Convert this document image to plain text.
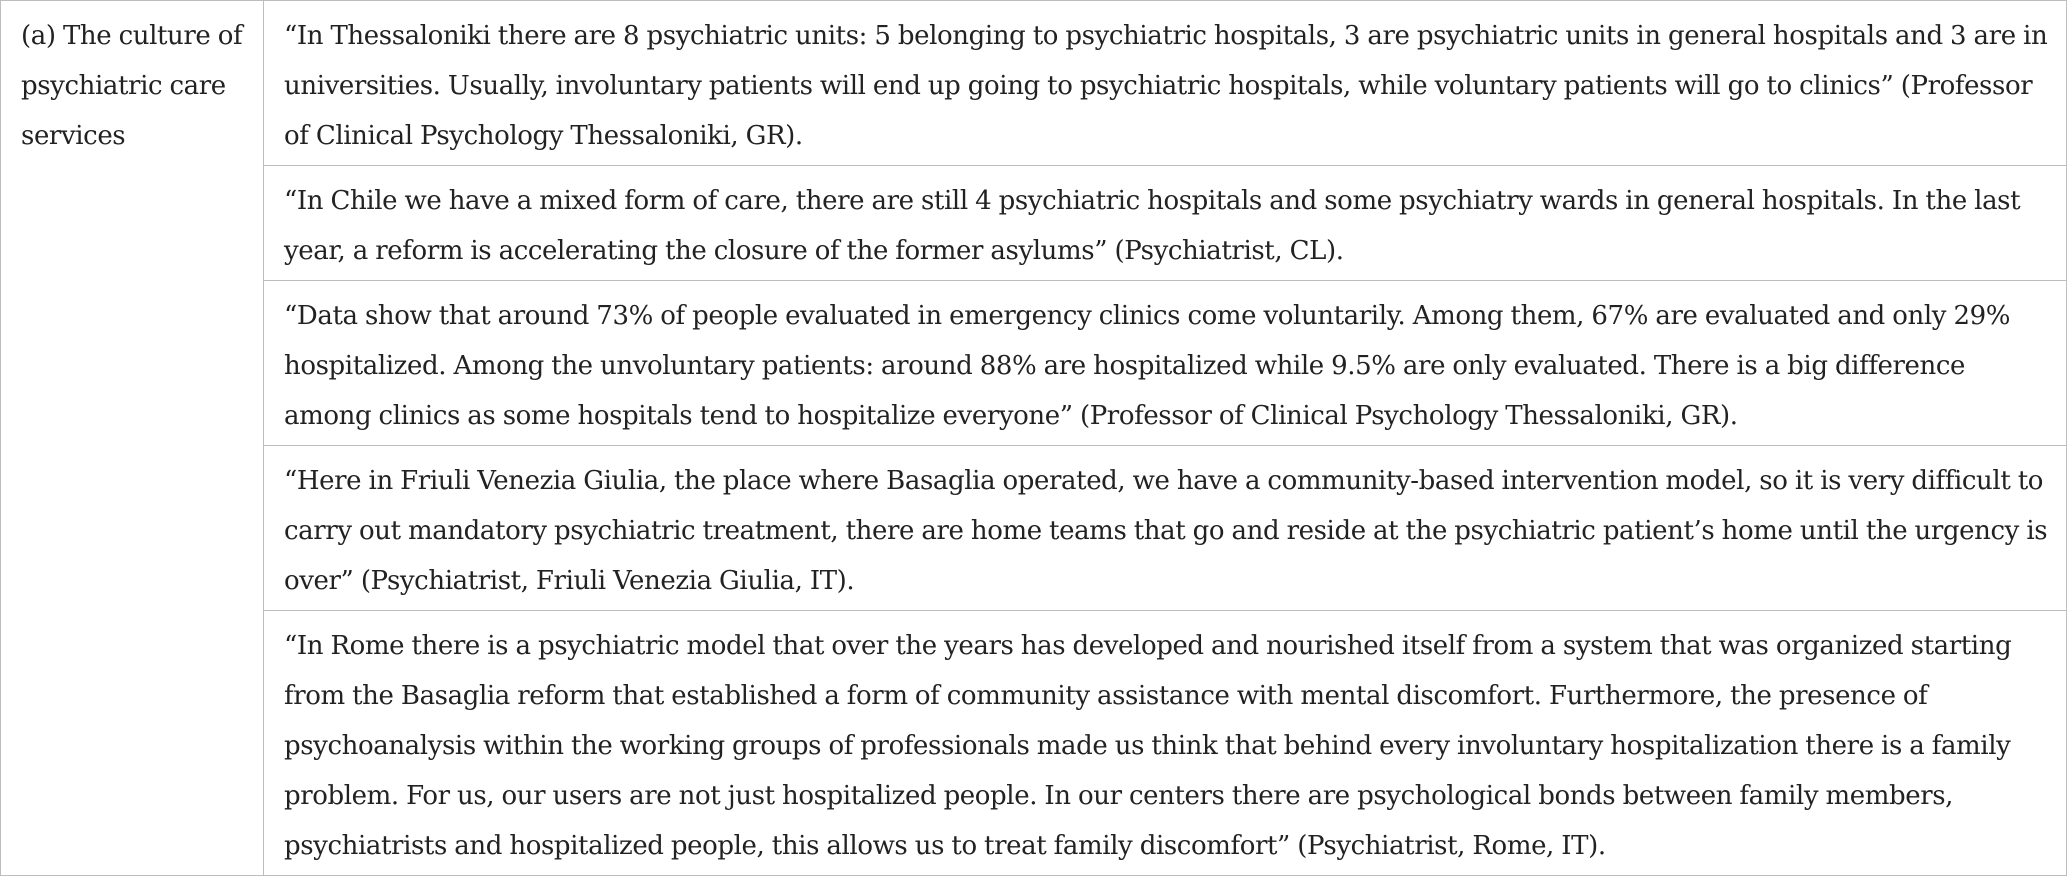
(a) The culture of psychiatric care services	“In Thessaloniki there are 8 psychiatric units: 5 belonging to psychiatric hospitals, 3 are psychiatric units in general hospitals and 3 are in universities. Usually, involuntary patients will end up going to psychiatric hospitals, while voluntary patients will go to clinics” (Professor of Clinical Psychology Thessaloniki, GR).
“In Chile we have a mixed form of care, there are still 4 psychiatric hospitals and some psychiatry wards in general hospitals. In the last year, a reform is accelerating the closure of the former asylums” (Psychiatrist, CL).
“Data show that around 73% of people evaluated in emergency clinics come voluntarily. Among them, 67% are evaluated and only 29% hospitalized. Among the unvoluntary patients: around 88% are hospitalized while 9.5% are only evaluated. There is a big difference among clinics as some hospitals tend to hospitalize everyone” (Professor of Clinical Psychology Thessaloniki, GR).
“Here in Friuli Venezia Giulia, the place where Basaglia operated, we have a community-based intervention model, so it is very difficult to carry out mandatory psychiatric treatment, there are home teams that go and reside at the psychiatric patient’s home until the urgency is over” (Psychiatrist, Friuli Venezia Giulia, IT).
“In Rome there is a psychiatric model that over the years has developed and nourished itself from a system that was organized starting from the Basaglia reform that established a form of community assistance with mental discomfort. Furthermore, the presence of psychoanalysis within the working groups of professionals made us think that behind every involuntary hospitalization there is a family problem. For us, our users are not just hospitalized people. In our centers there are psychological bonds between family members, psychiatrists and hospitalized people, this allows us to treat family discomfort” (Psychiatrist, Rome, IT).
